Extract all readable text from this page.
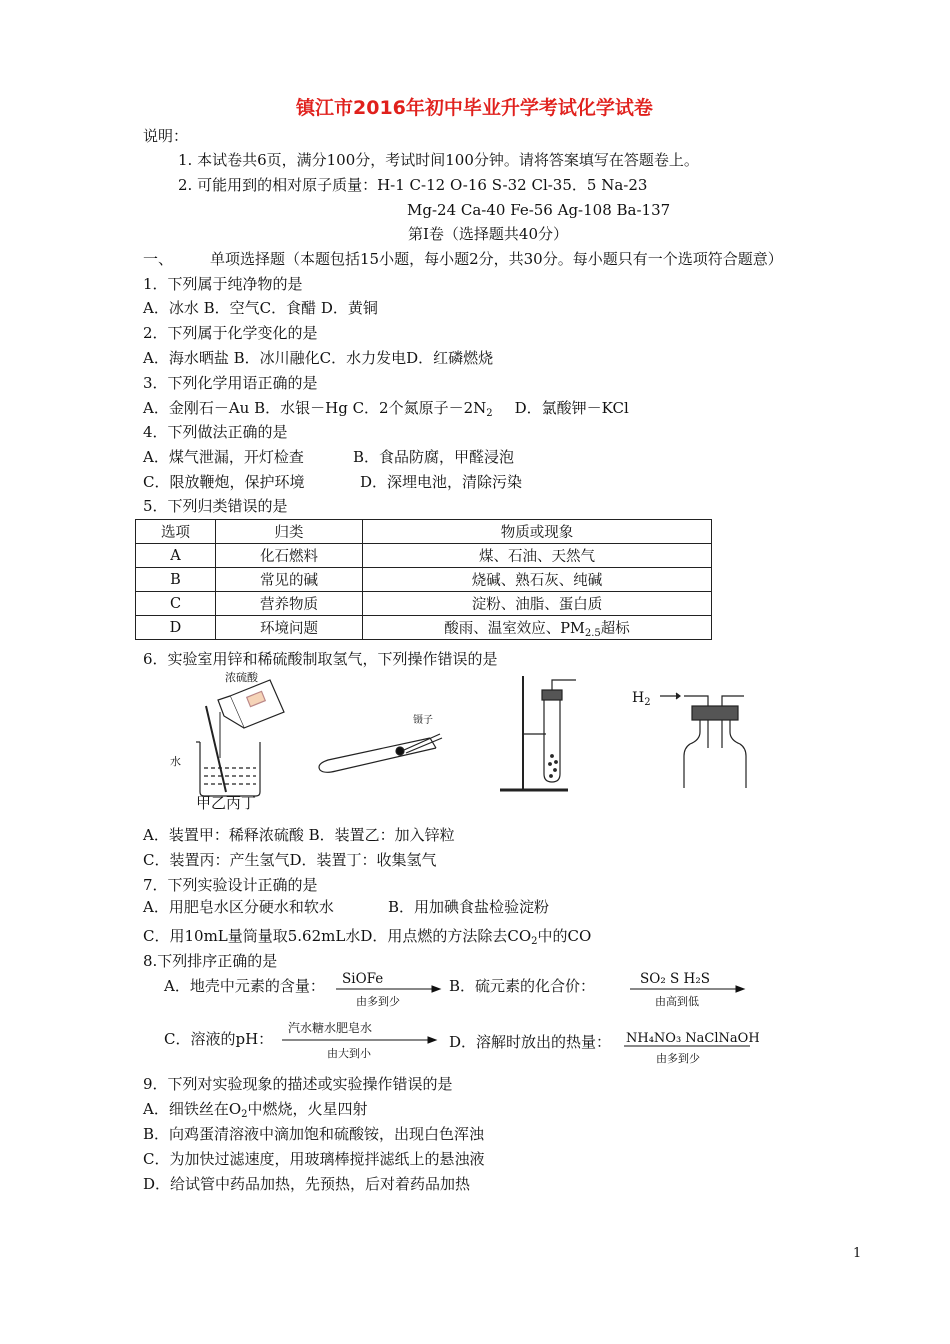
镇江市2016年初中毕业升学考试化学试卷
说明：
1. 本试卷共6页，满分100分，考试时间100分钟。请将答案填写在答题卷上。
2. 可能用到的相对原子质量：H-1 C-12 O-16 S-32 Cl-35．5 Na-23
Mg-24 Ca-40 Fe-56 Ag-108 Ba-137
第Ⅰ卷（选择题共40分）
一、 单项选择题（本题包括15小题，每小题2分，共30分。每小题只有一个选项符合题意）
1．下列属于纯净物的是
A．冰水 B．空气C．食醋 D．黄铜
2．下列属于化学变化的是
A．海水晒盐 B．冰川融化C．水力发电D．红磷燃烧
3．下列化学用语正确的是
A．金刚石－Au B．水银－Hg C．2个氮原子$-2N_2$ D．氯酸钾－KCl
4．下列做法正确的是
A．煤气泄漏，开灯检查	B．食品防腐，甲醛浸泡
C．限放鞭炮，保护环境	D．深埋电池，清除污染
5．下列归类错误的是
选项	归类	物质或现象
A	化石燃料	煤、石油、天然气
B	常见的碱	烧碱、熟石灰、纯碱
C	营养物质	淀粉、油脂、蛋白质
D	环境问题	酸雨、温室效应、$PM_{2.5}$超标
6．实验室用锌和稀硫酸制取氢气，下列操作错误的是
浓硫酸
水
镊子
$H_2$
甲乙丙丁
A．装置甲：稀释浓硫酸 B．装置乙：加入锌粒
C．装置丙：产生氢气D．装置丁：收集氢气
7．下列实验设计正确的是
A．用肥皂水区分硬水和软水	B．用加碘食盐检验淀粉
C．用10mL量筒量取5.62mL水D．用点燃的方法除去$CO_2$中的CO
8.下列排序正确的是
A．地壳中元素的含量： SiOFe
由多到少
B．硫元素的化合价：	SO₂ S H₂S
由高到低
C．溶液的pH：
汽水糖水肥皂水
由大到小
D．溶解时放出的热量： NH₄NO₃ NaClNaOH
由多到少
9．下列对实验现象的描述或实验操作错误的是
A．细铁丝在$O_2$中燃烧，火星四射
B．向鸡蛋清溶液中滴加饱和硫酸铵，出现白色浑浊
C．为加快过滤速度，用玻璃棒搅拌滤纸上的悬浊液
D．给试管中药品加热，先预热，后对着药品加热
1
